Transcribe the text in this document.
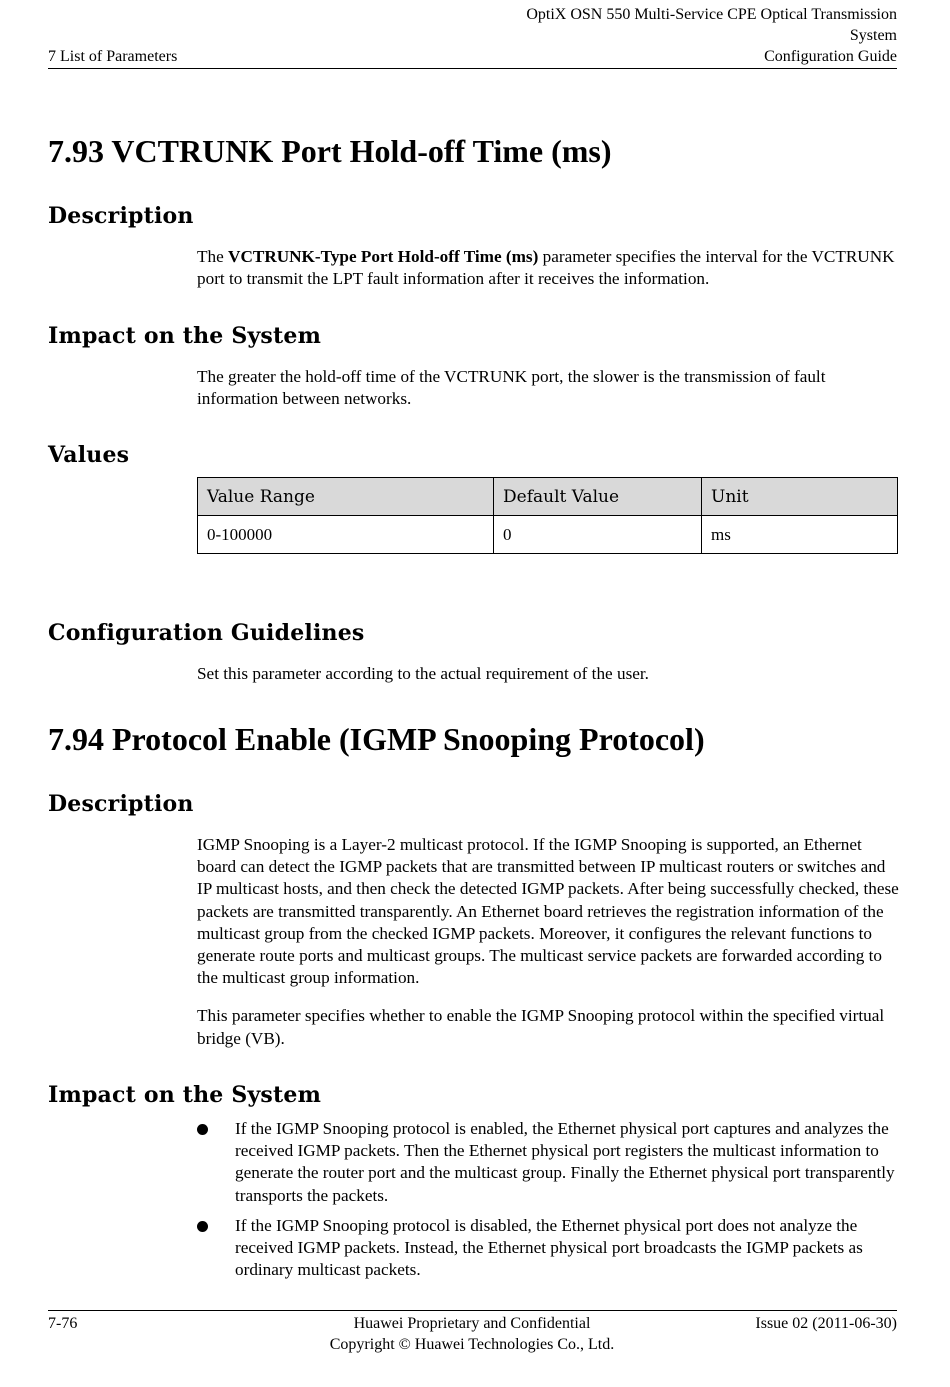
7 List of Parameters
OptiX OSN 550 Multi-Service CPE Optical Transmission
System
Configuration Guide
7.93 VCTRUNK Port Hold-off Time (ms)
Description

The VCTRUNK-Type Port Hold-off Time (ms) parameter specifies the interval for the VCTRUNK port to transmit the LPT fault information after it receives the information.

Impact on the System

The greater the hold-off time of the VCTRUNK port, the slower is the transmission of fault information between networks.

Values
Value Range	Default Value	Unit
0-100000	0	ms
Configuration Guidelines

Set this parameter according to the actual requirement of the user.

7.94 Protocol Enable (IGMP Snooping Protocol)
Description

IGMP Snooping is a Layer-2 multicast protocol. If the IGMP Snooping is supported, an Ethernet board can detect the IGMP packets that are transmitted between IP multicast routers or switches and IP multicast hosts, and then check the detected IGMP packets. After being successfully checked, these packets are transmitted transparently. An Ethernet board retrieves the registration information of the multicast group from the checked IGMP packets. Moreover, it configures the relevant functions to generate route ports and multicast groups. The multicast service packets are forwarded according to the multicast group information.

This parameter specifies whether to enable the IGMP Snooping protocol within the specified virtual bridge (VB).

Impact on the System
If the IGMP Snooping protocol is enabled, the Ethernet physical port captures and analyzes the received IGMP packets. Then the Ethernet physical port registers the multicast information to generate the router port and the multicast group. Finally the Ethernet physical port transparently transports the packets.
If the IGMP Snooping protocol is disabled, the Ethernet physical port does not analyze the received IGMP packets. Instead, the Ethernet physical port broadcasts the IGMP packets as ordinary multicast packets.
7-76	Huawei Proprietary and Confidential
Copyright © Huawei Technologies Co., Ltd.
Issue 02 (2011-06-30)
